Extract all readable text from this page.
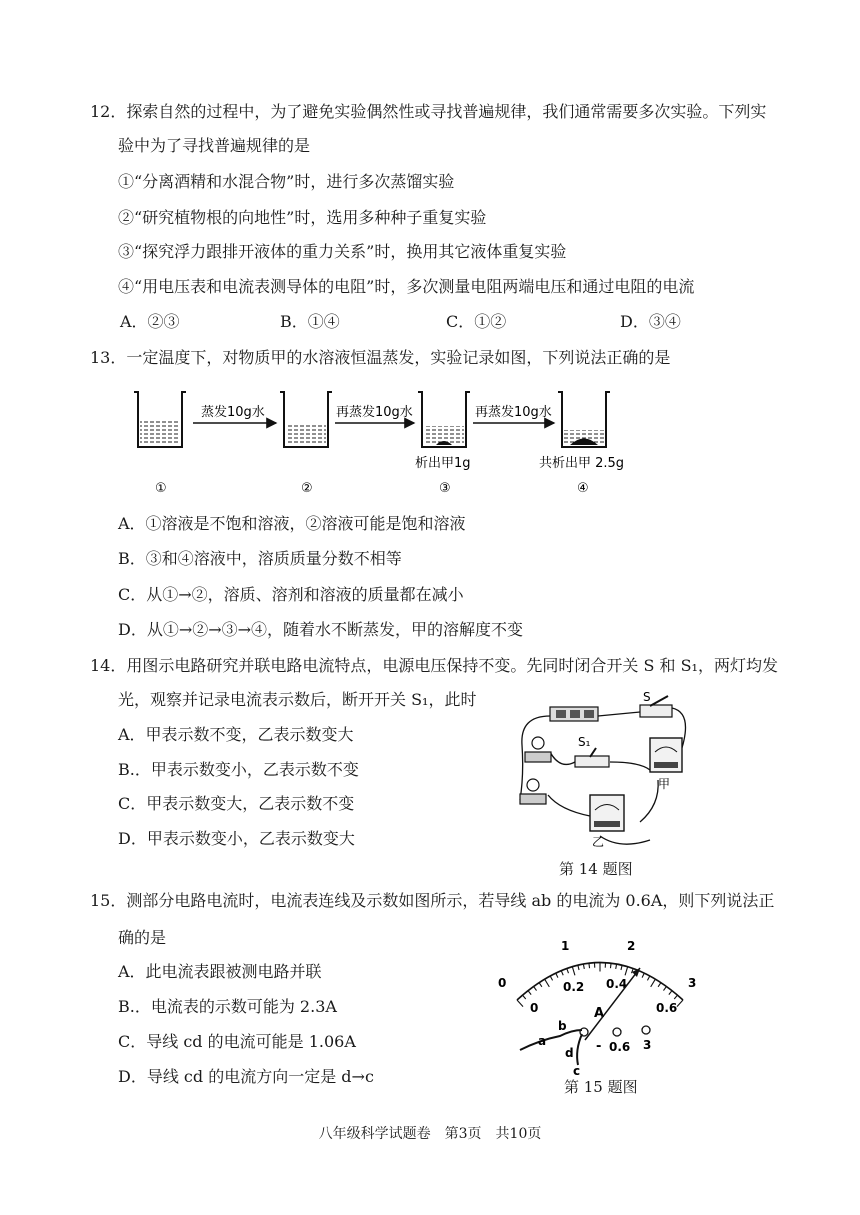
12．探索自然的过程中，为了避免实验偶然性或寻找普遍规律，我们通常需要多次实验。下列实
验中为了寻找普遍规律的是
①“分离酒精和水混合物”时，进行多次蒸馏实验
②“研究植物根的向地性”时，选用多种种子重复实验
③“探究浮力跟排开液体的重力关系”时，换用其它液体重复实验
④“用电压表和电流表测导体的电阻”时，多次测量电阻两端电压和通过电阻的电流
A．②③	B．①④	C．①②	D．③④
13．一定温度下，对物质甲的水溶液恒温蒸发，实验记录如图，下列说法正确的是
蒸发10g水	再蒸发10g水	再蒸发10g水
析出甲1g	共析出甲 2.5g
①	②	③	④
A．①溶液是不饱和溶液，②溶液可能是饱和溶液
B．③和④溶液中，溶质质量分数不相等
C．从①→②，溶质、溶剂和溶液的质量都在减小
D．从①→②→③→④，随着水不断蒸发，甲的溶解度不变
14．用图示电路研究并联电路电流特点，电源电压保持不变。先同时闭合开关 S 和 S₁，两灯均发
光，观察并记录电流表示数后，断开开关 S₁，此时
A．甲表示数不变，乙表示数变大
B.．甲表示数变小，乙表示数不变
C．甲表示数变大，乙表示数不变
D．甲表示数变小，乙表示数变大
S
S₁
甲
乙
第 14 题图
15．测部分电路电流时，电流表连线及示数如图所示，若导线 ab 的电流为 0.6A，则下列说法正
确的是
A．此电流表跟被测电路并联
B.．电流表的示数可能为 2.3A
C．导线 cd 的电流可能是 1.06A
D．导线 cd 的电流方向一定是 d→c
0
1	2
3
0
0.2 0.4
0.6
A
- 0.6 3
a
b
c
d
第 15 题图
八年级科学试题卷　第3页　共10页
